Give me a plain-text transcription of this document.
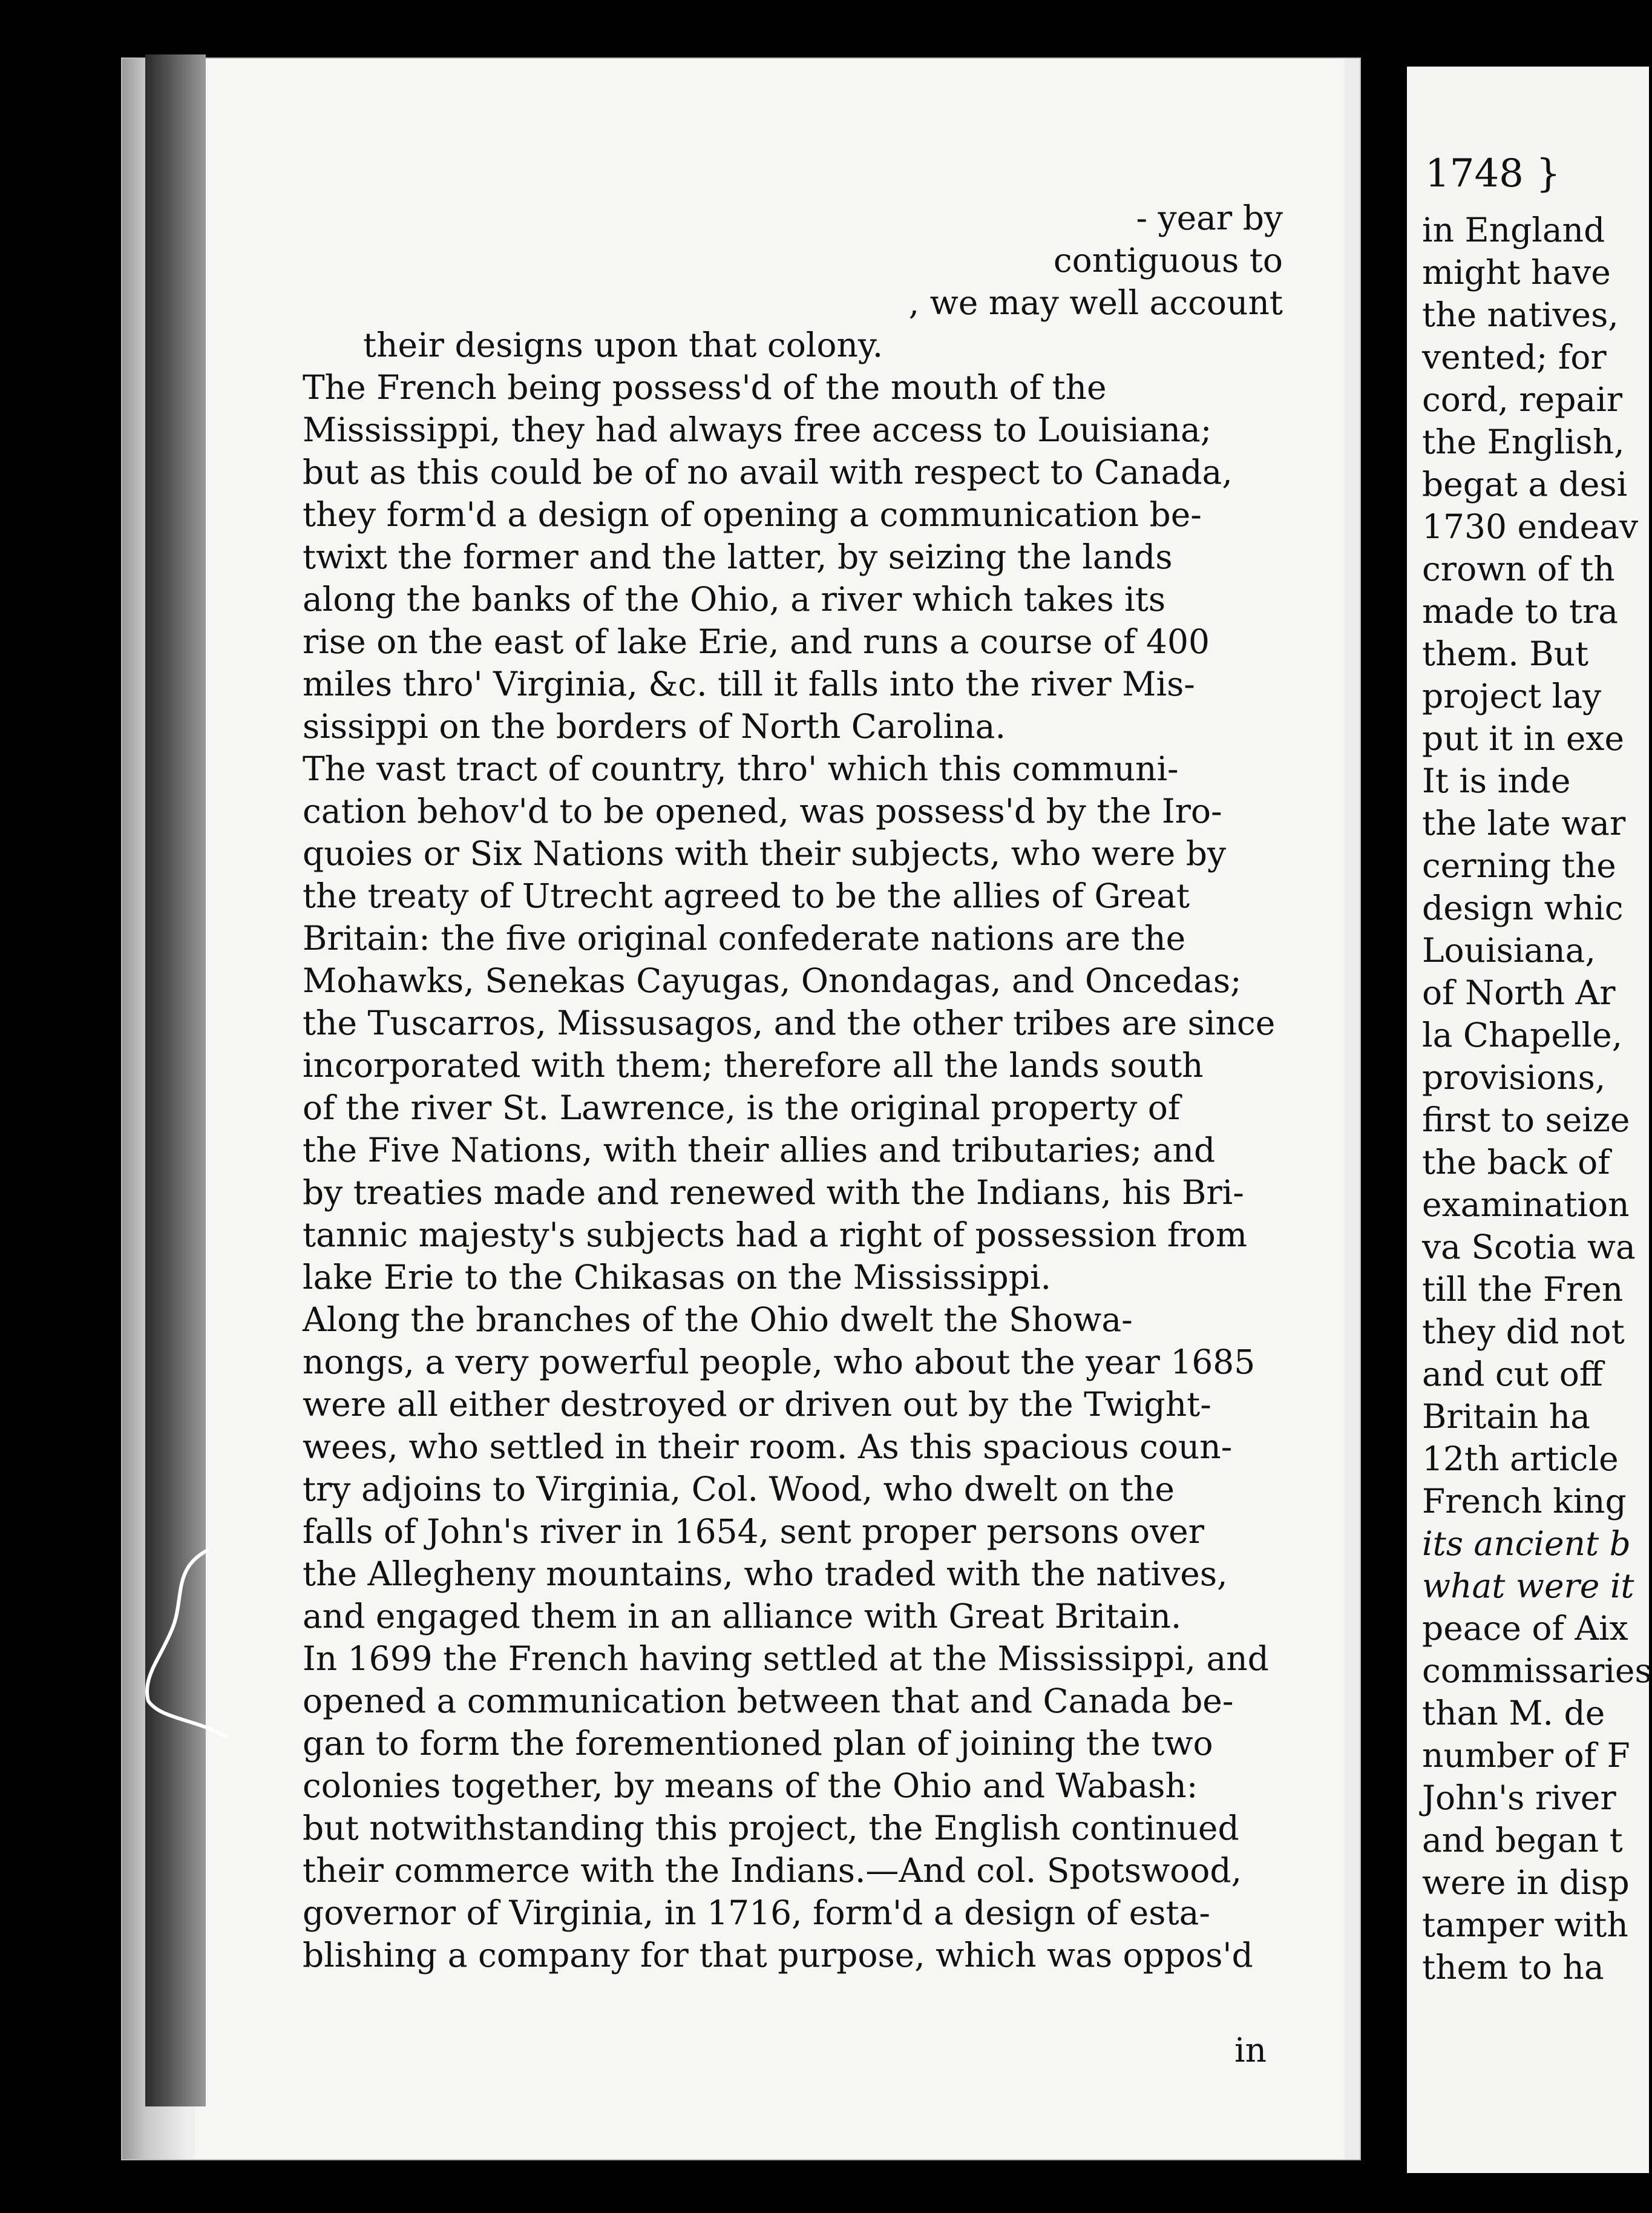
- year by
contiguous to
, we may well account
their designs upon that colony.
The French being possess'd of the mouth of the
Mississippi, they had always free access to Louisiana;
but as this could be of no avail with respect to Canada,
they form'd a design of opening a communication be-
twixt the former and the latter, by seizing the lands
along the banks of the Ohio, a river which takes its
rise on the east of lake Erie, and runs a course of 400
miles thro' Virginia, &c. till it falls into the river Mis-
sissippi on the borders of North Carolina.
The vast tract of country, thro' which this communi-
cation behov'd to be opened, was possess'd by the Iro-
quoies or Six Nations with their subjects, who were by
the treaty of Utrecht agreed to be the allies of Great
Britain: the five original confederate nations are the
Mohawks, Senekas Cayugas, Onondagas, and Oncedas;
the Tuscarros, Missusagos, and the other tribes are since
incorporated with them; therefore all the lands south
of the river St. Lawrence, is the original property of
the Five Nations, with their allies and tributaries; and
by treaties made and renewed with the Indians, his Bri-
tannic majesty's subjects had a right of possession from
lake Erie to the Chikasas on the Mississippi.
Along the branches of the Ohio dwelt the Showa-
nongs, a very powerful people, who about the year 1685
were all either destroyed or driven out by the Twight-
wees, who settled in their room. As this spacious coun-
try adjoins to Virginia, Col. Wood, who dwelt on the
falls of John's river in 1654, sent proper persons over
the Allegheny mountains, who traded with the natives,
and engaged them in an alliance with Great Britain.
In 1699 the French having settled at the Mississippi, and
opened a communication between that and Canada be-
gan to form the forementioned plan of joining the two
colonies together, by means of the Ohio and Wabash:
but notwithstanding this project, the English continued
their commerce with the Indians.—And col. Spotswood,
governor of Virginia, in 1716, form'd a design of esta-
blishing a company for that purpose, which was oppos'd
in
1748 }
in England
might have
the natives,
vented; for
cord, repair
the English,
begat a desi
1730 endeav
crown of th
made to tra
them. But
project lay
put it in exe
It is inde
the late war
cerning the
design whic
Louisiana,
of North Ar
la Chapelle,
provisions,
first to seize
the back of
examination
va Scotia wa
till the Fren
they did not
and cut off
Britain ha
12th article
French king
its ancient b
what were it
peace of Aix
commissaries
than M. de
number of F
John's river
and began t
were in disp
tamper with
them to ha
